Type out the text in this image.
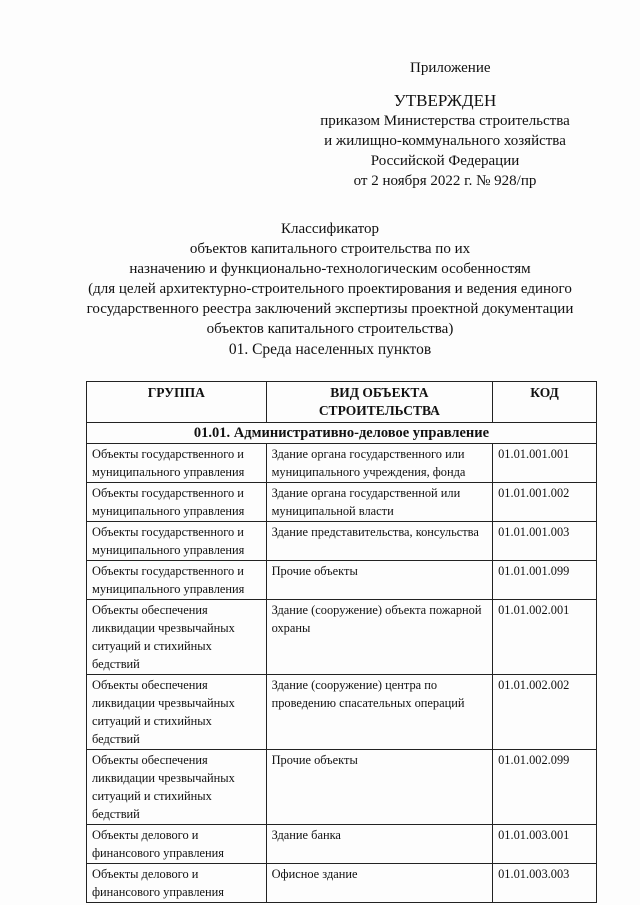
Приложение
УТВЕРЖДЕН
приказом Министерства строительства
и жилищно-коммунального хозяйства
Российской Федерации
от 2 ноября 2022 г. № 928/пр
Классификатор
объектов капитального строительства по их
назначению и функционально-технологическим особенностям
(для целей архитектурно-строительного проектирования и ведения единого
государственного реестра заключений экспертизы проектной документации
объектов капитального строительства)
01. Среда населенных пунктов
ГРУППА	ВИД ОБЪЕКТА СТРОИТЕЛЬСТВА	КОД
01.01. Административно-деловое управление		
Объекты государственного и муниципального управления	Здание органа государственного или муниципального учреждения, фонда	01.01.001.001
Объекты государственного и муниципального управления	Здание органа государственной или муниципальной власти	01.01.001.002
Объекты государственного и муниципального управления	Здание представительства, консульства	01.01.001.003
Объекты государственного и муниципального управления	Прочие объекты	01.01.001.099
Объекты обеспечения ликвидации чрезвычайных ситуаций и стихийных бедствий	Здание (сооружение) объекта пожарной охраны	01.01.002.001
Объекты обеспечения ликвидации чрезвычайных ситуаций и стихийных бедствий	Здание (сооружение) центра по проведению спасательных операций	01.01.002.002
Объекты обеспечения ликвидации чрезвычайных ситуаций и стихийных бедствий	Прочие объекты	01.01.002.099
Объекты делового и финансового управления	Здание банка	01.01.003.001
Объекты делового и финансового управления	Офисное здание	01.01.003.003
